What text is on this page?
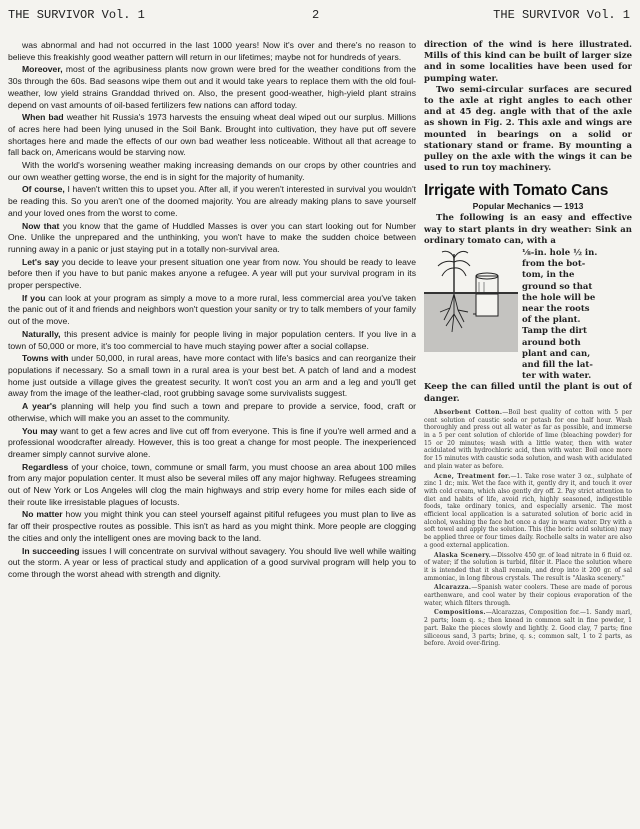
THE SURVIVOR Vol. 1	2	THE SURVIVOR Vol. 1

was abnormal and had not occurred in the last 1000 years! Now it's over and there's no reason to believe this freakishly good weather pattern will return in our lifetimes; maybe not for hundreds of years.

Moreover, most of the agribusiness plants now grown were bred for the weather conditions from the 30s through the 60s. Bad seasons wipe them out and it would take years to replace them with the old foul-weather, low yield strains Granddad thrived on. Also, the present good-weather, high-yield plant strains depend on vast amounts of oil-based fertilizers few nations can afford today.

When bad weather hit Russia's 1973 harvests the ensuing wheat deal wiped out our surplus. Millions of acres here had been lying unused in the Soil Bank. Brought into cultivation, they have put off severe shortages here and made the effects of our own bad weather less noticeable. Without all that acreage to fall back on, Americans would be starving now.

With the world's worsening weather making increasing demands on our crops by other countries and our own weather getting worse, the end is in sight for the majority of humanity.

Of course, I haven't written this to upset you. After all, if you weren't interested in survival you wouldn't be reading this. So you aren't one of the doomed majority. You are already making plans to save yourself and your loved ones from the worst to come.

Now that you know that the game of Huddled Masses is over you can start looking out for Number One. Unlike the unprepared and the unthinking, you won't have to make the sudden choice between running away in a panic or just staying put in a totally non-survival area.

Let's say you decide to leave your present situation one year from now. You should be ready to leave before then if you have to but panic makes anyone a refugee. A year will put your survival program in its proper perspective.

If you can look at your program as simply a move to a more rural, less commercial area you've taken the panic out of it and friends and neighbors won't question your sanity or try to talk members of your family out of the move.

Naturally, this present advice is mainly for people living in major population centers. If you live in a town of 50,000 or more, it's too commercial to have much staying power after a social collapse.

Towns with under 50,000, in rural areas, have more contact with life's basics and can reorganize their populations if necessary. So a small town in a rural area is your best bet. A patch of land and a modest home just outside a village gives the greatest security. It won't cost you an arm and a leg and you'll get away from the image of the leather-clad, root grubbing savage some survivalists suggest.

A year's planning will help you find such a town and prepare to provide a service, food, craft or otherwise, which will make you an asset to the community.

You may want to get a few acres and live cut off from everyone. This is fine if you're well armed and a professional woodcrafter already. However, this is too great a change for most people. The inexperienced dreamer simply cannot survive alone.

Regardless of your choice, town, commune or small farm, you must choose an area about 100 miles from any major population center. It must also be several miles off any major highway. Refugees streaming out of New York or Los Angeles will clog the main highways and strip every home for miles each side of their route like irresistable plagues of locusts.

No matter how you might think you can steel yourself against pitiful refugees you must plan to live as far off their prospective routes as possible. This isn't as hard as you might think. More people are clogging the cities and only the intelligent ones are moving back to the land.

In succeeding issues I will concentrate on survival without savagery. You should live well while waiting out the storm. A year or less of practical study and application of a good survival program will help you to come through the worst ahead with strength and dignity.

direction of the wind is here illustrated. Mills of this kind can be built of larger size and in some localities have been used for pumping water.

Two semi-circular surfaces are secured to the axle at right angles to each other and at 45 deg. angle with that of the axle as shown in Fig. 2. This axle and wings are mounted in bearings on a solid or stationary stand or frame. By mounting a pulley on the axle with the wings it can be used to run toy machinery.

Irrigate with Tomato Cans
Popular Mechanics — 1913

The following is an easy and effective way to start plants in dry weather: Sink an ordinary tomato can, with a

⅛-in. hole ½ in.
from the bot-
tom, in the
ground so that
the hole will be
near the roots
of the plant.
Tamp the dirt
around both
plant and can,
and fill the lat-
ter with water.
Keep the can filled until the plant is out of danger.

Absorbent Cotton.—Boil best quality of cotton with 5 per cent solution of caustic soda or potash for one half hour. Wash thoroughly and press out all water as far as possible, and immerse in a 5 per cent solution of chloride of lime (bleaching powder) for 15 or 20 minutes; wash with a little water, then with water acidulated with hydrochloric acid, then with water. Boil once more for 15 minutes with caustic soda solution, and wash with acidulated and plain water as before.

Acne, Treatment for.—1. Take rose water 3 oz., sulphate of zinc 1 dr.; mix. Wet the face with it, gently dry it, and touch it over with cold cream, which also gently dry off. 2. Pay strict attention to diet and habits of life, avoid rich, highly seasoned, indigestible foods, take ordinary tonics, and especially arsenic. The most efficient local application is a saturated solution of boric acid in alcohol, washing the face hot once a day in warm water. Dry with a soft towel and apply the solution. This (the boric acid solution) may be applied three or four times daily. Rochelle salts in water are also a good external application.

Alaska Scenery.—Dissolve 450 gr. of lead nitrate in 6 fluid oz. of water; if the solution is turbid, filter it. Place the solution where it is intended that it shall remain, and drop into it 200 gr. of sal ammoniac, in long fibrous crystals. The result is "Alaska scenery."

Alcarazza.—Spanish water coolers. These are made of porous earthenware, and cool water by their copious evaporation of the water, which filters through.

Compositions.—Alcarazzas, Composition for.—1. Sandy marl, 2 parts; loam q. s.; then knead in common salt in fine powder, 1 part. Bake the pieces slowly and lightly. 2. Good clay, 7 parts; fine siliceous sand, 3 parts; brine, q. s.; common salt, 1 to 2 parts, as before. Avoid over-firing.
